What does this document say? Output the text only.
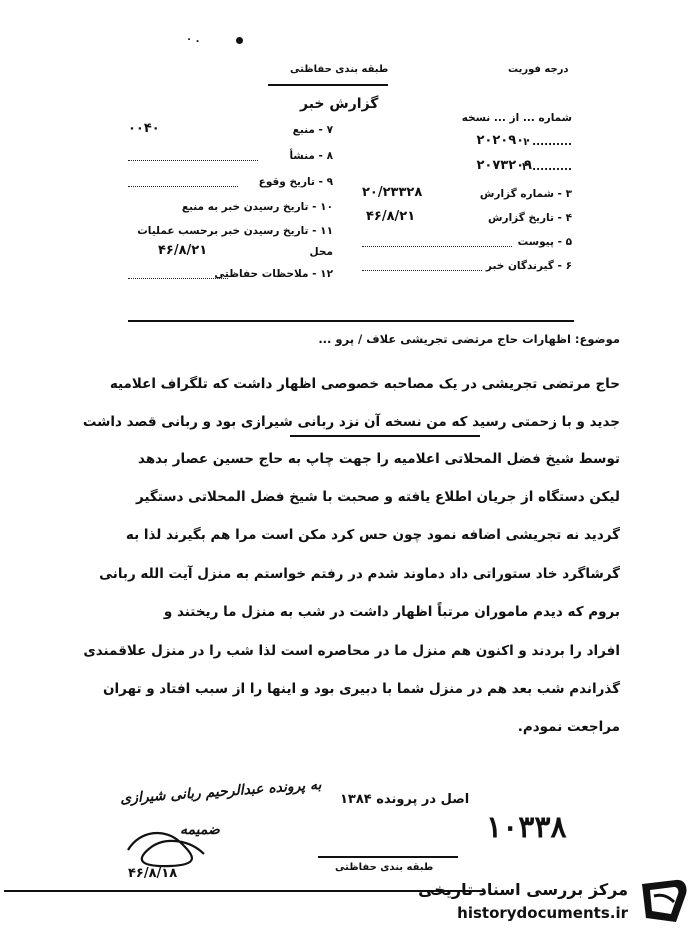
۰ .
درجه فوریت
طبقه بندی حفاظتی
گزارش خبر
شماره ... از ... نسخه
۱ ..........
۲۰۲۰۹۰۰
۲ ..........
۲۰۷۳۲۰۹
۳ - شماره گزارش
۲۰/۲۳۳۲۸
۴ - تاریخ گزارش
۴۶/۸/۲۱
۵ - پیوست
۶ - گیرندگان خبر
۷ - منبع
۰۰۴۰
۸ - منشأ
۹ - تاریخ وقوع
۱۰ - تاریخ رسیدن خبر به منبع
۱۱ - تاریخ رسیدن خبر برحسب عملیات
محل
۴۶/۸/۲۱
۱۲ - ملاحظات حفاظتی
موضوع: اظهارات حاج مرتضی تجریشی علاف / پرو ...
حاج مرتضی تجریشی در یک مصاحبه خصوصی اظهار داشت که تلگراف اعلامیه
جدید و با زحمتی رسید که من نسخه آن نزد ربانی شیرازی بود و ربانی قصد داشت
توسط شیخ فضل المحلاتی اعلامیه را جهت چاپ به حاج حسین عصار بدهد
لیکن دستگاه از جریان اطلاع یافته و صحبت با شیخ فضل المحلاتی دستگیر
گردید نه تجریشی اضافه نمود چون حس کرد مکن است مرا هم بگیرند لذا به
گرشاگرد خاد ستوراتی داد دماوند شدم در رفتم خواستم به منزل آیت الله ربانی
بروم که دیدم ماموران مرتباً اظهار داشت در شب به منزل ما ریختند و
افراد را بردند و اکنون هم منزل ما در محاصره است لذا شب را در منزل علاقمندی
گذراندم شب بعد هم در منزل شما با دبیری بود و اینها را از سبب افتاد و تهران
مراجعت نمودم.
به پرونده عبدالرحیم ربانی شیرازی اصل در پرونده ۱۳۸۴
۱۰۳۳۸
ضمیمه
۴۶/۸/۱۸	طبقه بندی حفاظتی
مرکز بررسی اسناد تاریخی
historydocuments.ir
